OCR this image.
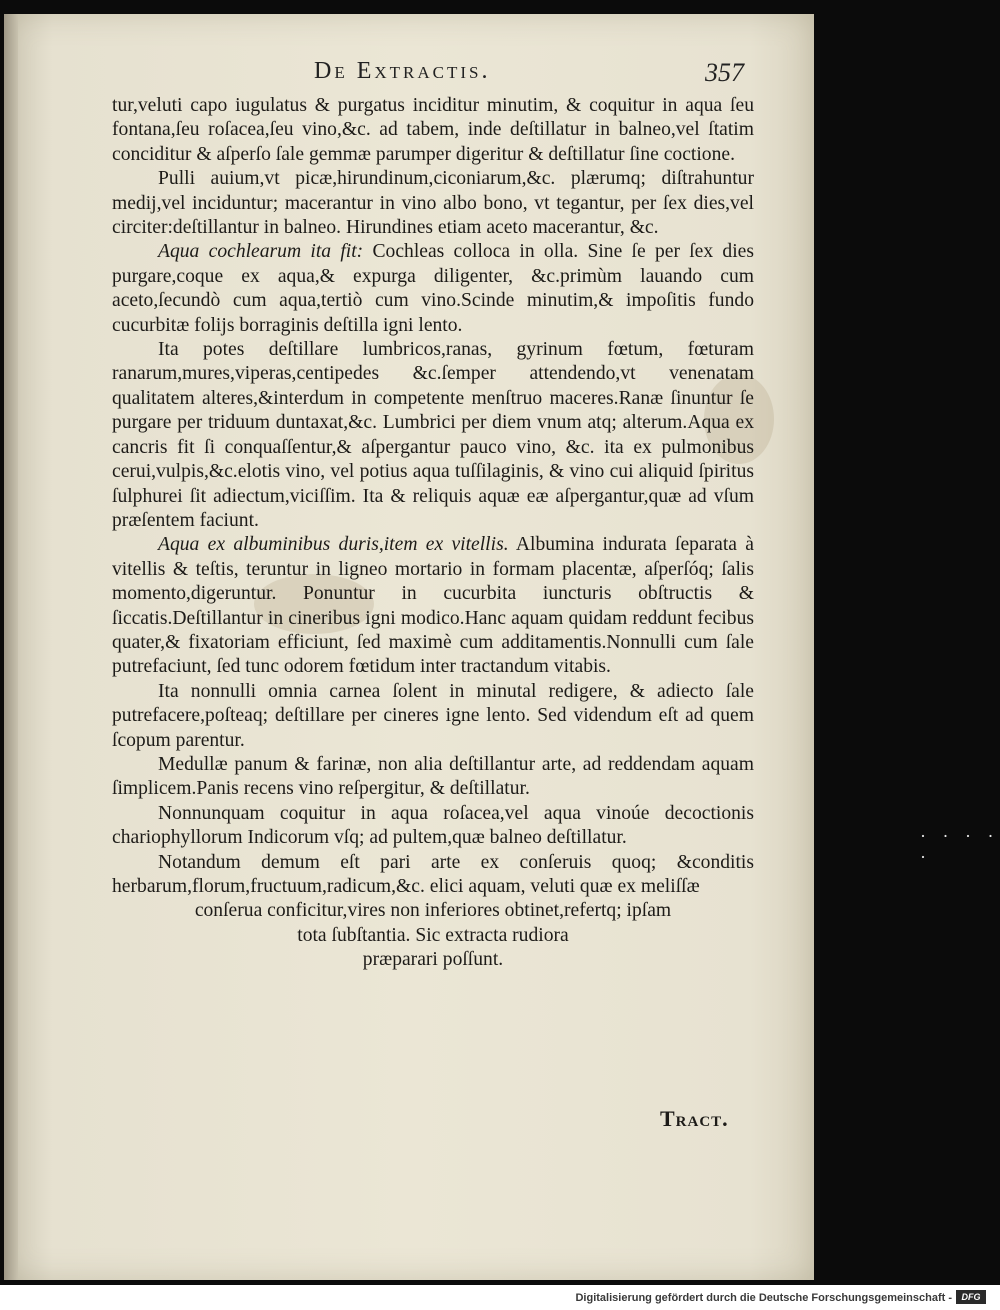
De Extractis.	357

tur,veluti capo iugulatus & purgatus inciditur minutim, & coquitur in aqua ſeu fontana,ſeu roſacea,ſeu vino,&c. ad tabem, inde deſtillatur in balneo,vel ſtatim conciditur & aſperſo ſale gemmæ parumper digeritur & deſtillatur ſine coctione.

Pulli auium,vt picæ,hirundinum,ciconiarum,&c. plærumq; diſtrahuntur medij,vel inciduntur; macerantur in vino albo bono, vt tegantur, per ſex dies,vel circiter:deſtillantur in balneo. Hirundines etiam aceto macerantur, &c.

Aqua cochlearum ita fit: Cochleas colloca in olla. Sine ſe per ſex dies purgare,coque ex aqua,& expurga diligenter, &c.primùm lauando cum aceto,ſecundò cum aqua,tertiò cum vino.Scinde minutim,& impoſitis fundo cucurbitæ folijs borraginis deſtilla igni lento.

Ita potes deſtillare lumbricos,ranas, gyrinum fœtum, fœturam ranarum,mures,viperas,centipedes &c.ſemper attendendo,vt venenatam qualitatem alteres,&interdum in competente menſtruo maceres.Ranæ ſinuntur ſe purgare per triduum duntaxat,&c. Lumbrici per diem vnum atq; alterum.Aqua ex cancris fit ſi conquaſſentur,& aſpergantur pauco vino, &c. ita ex pulmonibus cerui,vulpis,&c.elotis vino, vel potius aqua tuſſilaginis, & vino cui aliquid ſpiritus ſulphurei ſit adiectum,viciſſim. Ita & reliquis aquæ eæ aſpergantur,quæ ad vſum præſentem faciunt.

Aqua ex albuminibus duris,item ex vitellis. Albumina indurata ſeparata à vitellis & teſtis, teruntur in ligneo mortario in formam placentæ, aſperſóq; ſalis momento,digeruntur. Ponuntur in cucurbita iuncturis obſtructis & ſiccatis.Deſtillantur in cineribus igni modico.Hanc aquam quidam reddunt fecibus quater,& fixatoriam efficiunt, ſed maximè cum additamentis.Nonnulli cum ſale putrefaciunt, ſed tunc odorem fœtidum inter tractandum vitabis.

Ita nonnulli omnia carnea ſolent in minutal redigere, & adiecto ſale putrefacere,poſteaq; deſtillare per cineres igne lento. Sed videndum eſt ad quem ſcopum parentur.

Medullæ panum & farinæ, non alia deſtillantur arte, ad reddendam aquam ſimplicem.Panis recens vino reſpergitur, & deſtillatur.

Nonnunquam coquitur in aqua roſacea,vel aqua vinoúe decoctionis chariophyllorum Indicorum vſq; ad pultem,quæ balneo deſtillatur.

Notandum demum eſt pari arte ex conſeruis quoq; &conditis herbarum,florum,fructuum,radicum,&c. elici aquam, veluti quæ ex meliſſæ

conſerua conficitur,vires non inferiores obtinet,refertq; ipſam
tota ſubſtantia. Sic extracta rudiora
præparari poſſunt.
Tract.
· · · · ·
Digitalisierung gefördert durch die Deutsche Forschungsgemeinschaft -	DFG
